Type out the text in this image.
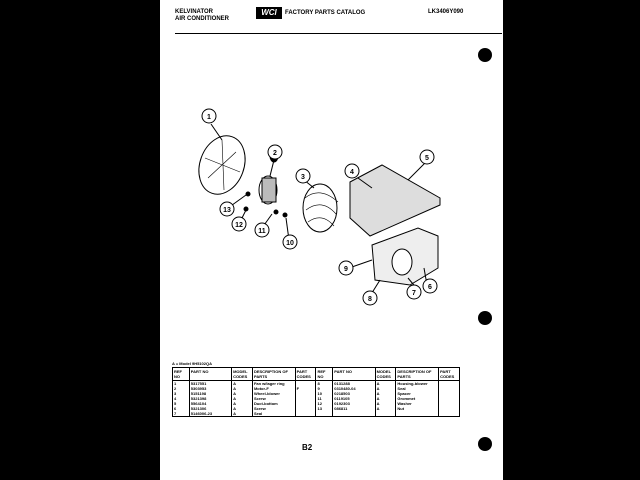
KELVINATOR
AIR CONDITIONER
WCI	FACTORY PARTS CATALOG	LK3406Y090
1
2
3
4
5
6
7
8
9
10
11
12
13
A = Model 9H5102QA
REF NO	PART NO	MODEL CODES	DESCRIPTION OF PARTS	PART CODES	REF NO	PART NO	MODEL CODES	DESCRIPTION OF PARTS	PART CODES
1	5317551	A	Fan w/lager ring		8	0131288	A	Housing-blower	
2	5303953	A	Motor-F	F	9	0310480-04	A	Seal	
3	5151198	A	Wheel-blower		10	0218503	A	Spacer	
4	5321398	A	Screw		11	0119105	A	Grommet	
5	5564104	A	Duct-bottom		12	0192303	A	Washer	
6	5321306	A	Screw		13	086811	A	Nut	
7	5146006-23	A	Seal						
B2
